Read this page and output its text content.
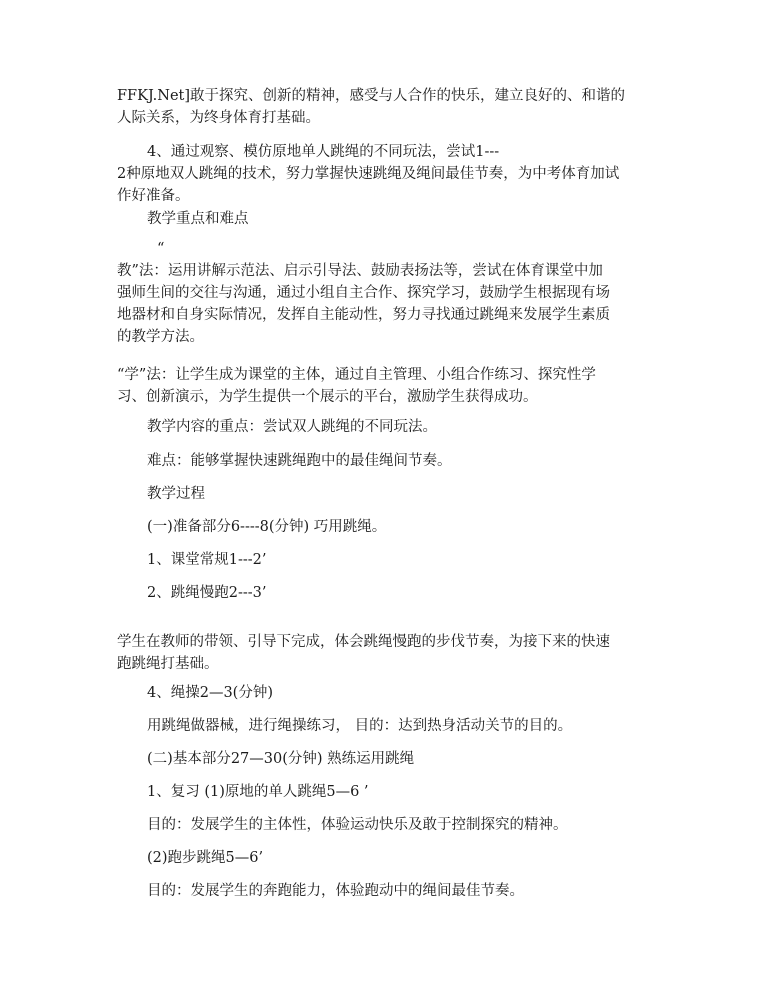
FFKJ.Net]敢于探究、创新的精神，感受与人合作的快乐，建立良好的、和谐的
人际关系，为终身体育打基础。
4、通过观察、模仿原地单人跳绳的不同玩法，尝试1---
2种原地双人跳绳的技术，努力掌握快速跳绳及绳间最佳节奏，为中考体育加试
作好准备。
教学重点和难点
“
教”法：运用讲解示范法、启示引导法、鼓励表扬法等，尝试在体育课堂中加
强师生间的交往与沟通，通过小组自主合作、探究学习，鼓励学生根据现有场
地器材和自身实际情况，发挥自主能动性，努力寻找通过跳绳来发展学生素质
的教学方法。
“学”法：让学生成为课堂的主体，通过自主管理、小组合作练习、探究性学
习、创新演示，为学生提供一个展示的平台，激励学生获得成功。
教学内容的重点：尝试双人跳绳的不同玩法。
难点：能够掌握快速跳绳跑中的最佳绳间节奏。
教学过程
(一)准备部分6----8(分钟) 巧用跳绳。
1、课堂常规1---2’
2、跳绳慢跑2---3’
学生在教师的带领、引导下完成，体会跳绳慢跑的步伐节奏，为接下来的快速
跑跳绳打基础。
4、绳操2—3(分钟)
用跳绳做器械，进行绳操练习， 目的：达到热身活动关节的目的。
(二)基本部分27—30(分钟) 熟练运用跳绳
1、复习 (1)原地的单人跳绳5—6 ’
目的：发展学生的主体性，体验运动快乐及敢于控制探究的精神。
(2)跑步跳绳5—6’
目的：发展学生的奔跑能力，体验跑动中的绳间最佳节奏。
